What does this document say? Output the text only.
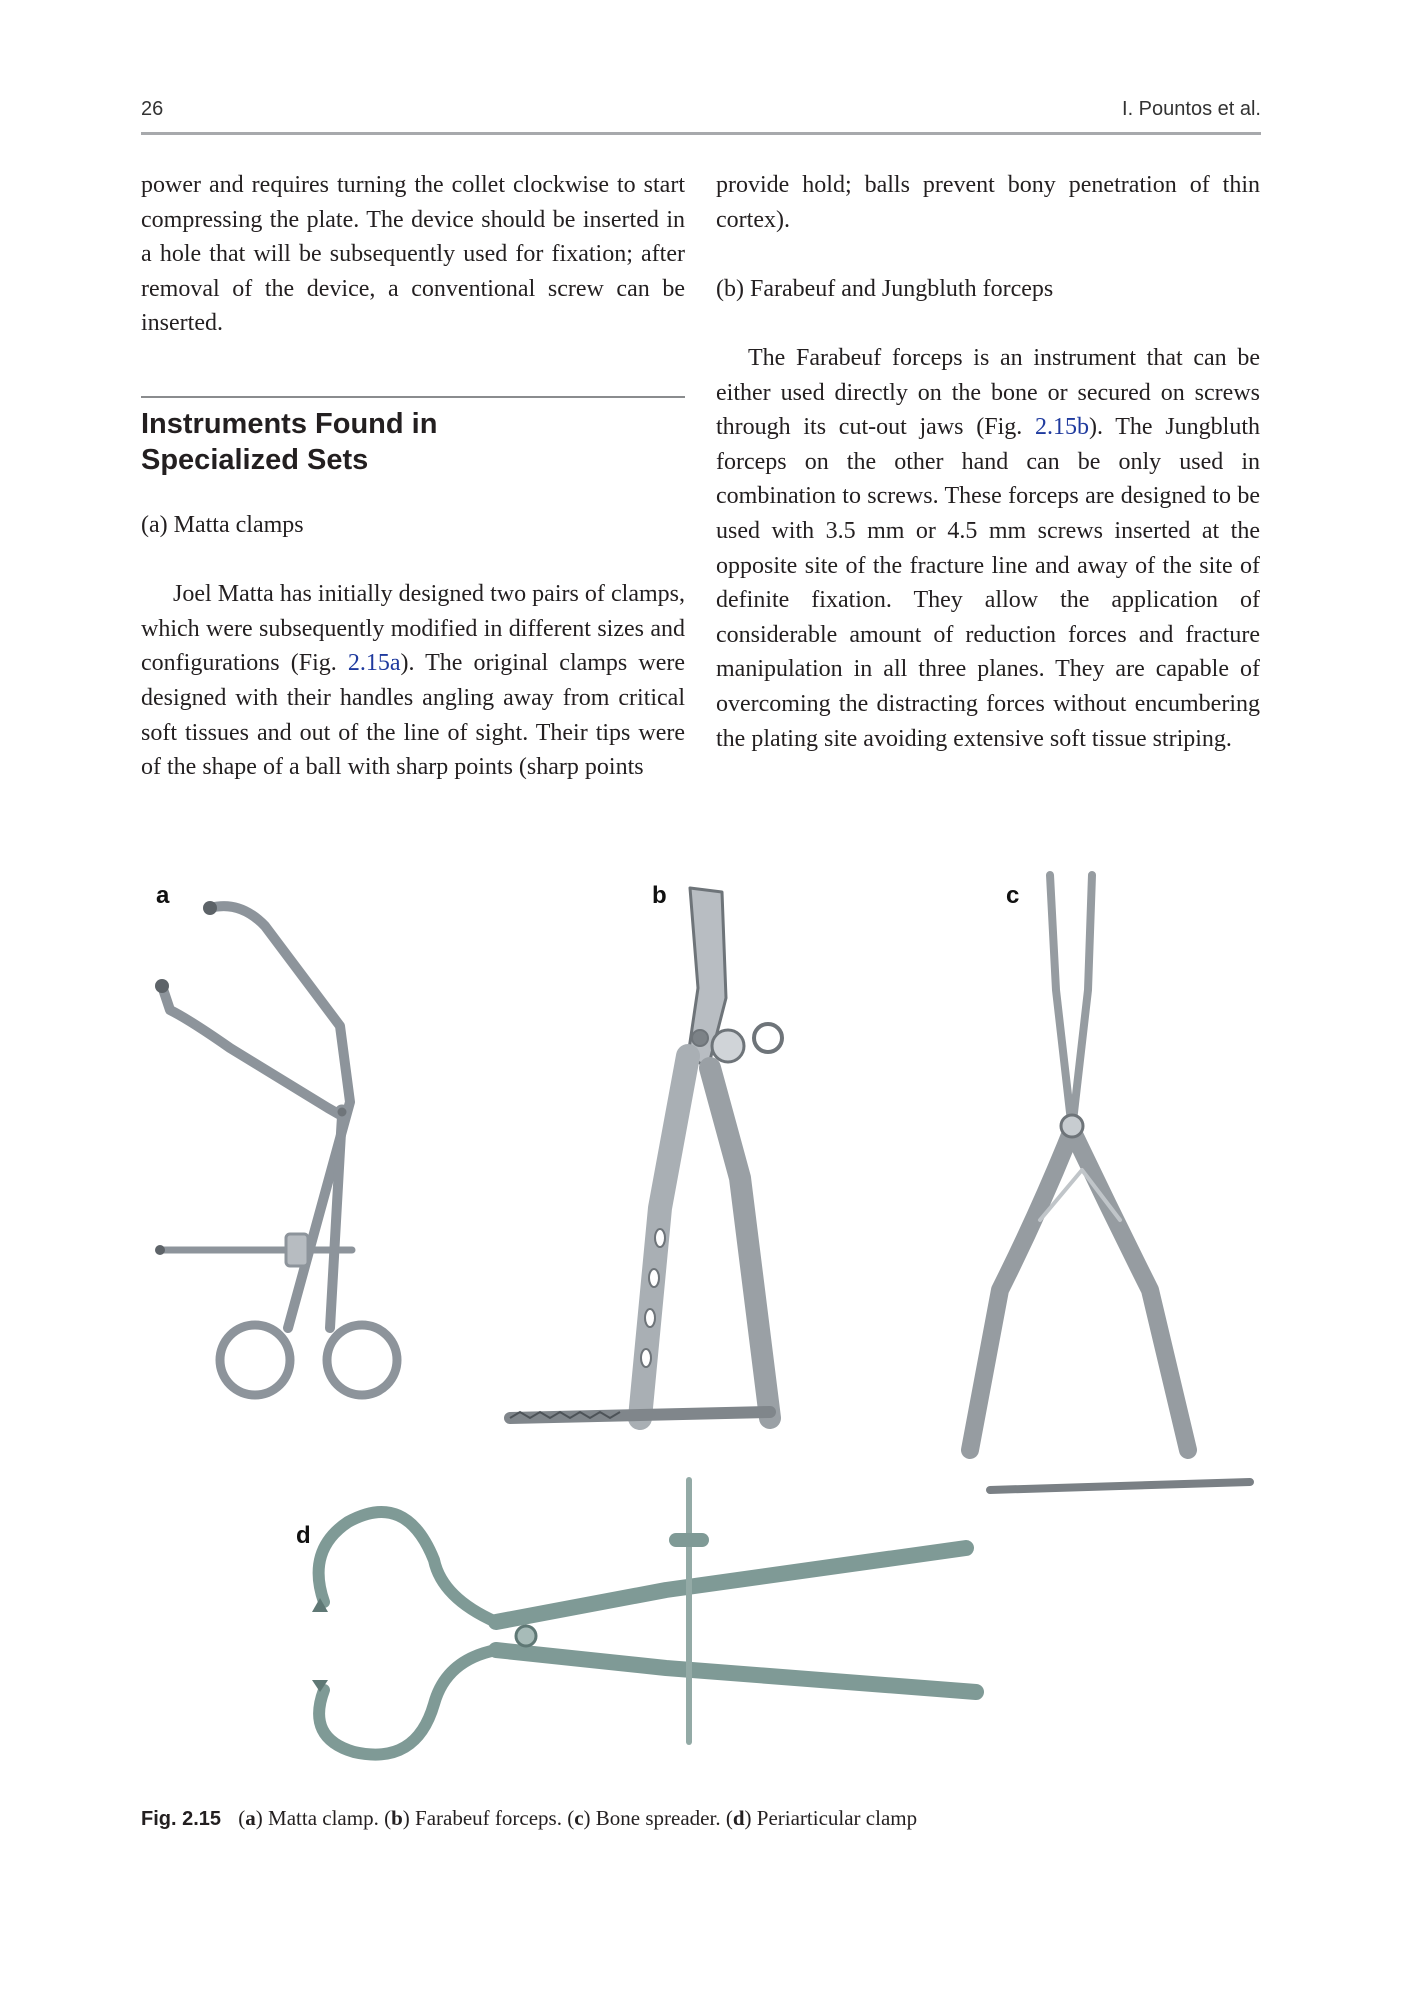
26	I. Pountos et al.

power and requires turning the collet clockwise to start compressing the plate. The device should be inserted in a hole that will be subsequently used for fixation; after removal of the device, a conventional screw can be inserted.

Instruments Found in
Specialized Sets

(a) Matta clamps

Joel Matta has initially designed two pairs of clamps, which were subsequently modified in different sizes and configurations (Fig. 2.15a). The original clamps were designed with their handles angling away from critical soft tissues and out of the line of sight. Their tips were of the shape of a ball with sharp points (sharp points

provide hold; balls prevent bony penetration of thin cortex).

(b) Farabeuf and Jungbluth forceps

The Farabeuf forceps is an instrument that can be either used directly on the bone or secured on screws through its cut-out jaws (Fig. 2.15b). The Jungbluth forceps on the other hand can be only used in combination to screws. These forceps are designed to be used with 3.5 mm or 4.5 mm screws inserted at the opposite site of the fracture line and away of the site of definite fixation. They allow the application of considerable amount of reduction forces and fracture manipulation in all three planes. They are capable of overcoming the distracting forces without encumbering the plating site avoiding extensive soft tissue striping.

a	b	c
d
Fig. 2.15 (a) Matta clamp. (b) Farabeuf forceps. (c) Bone spreader. (d) Periarticular clamp
